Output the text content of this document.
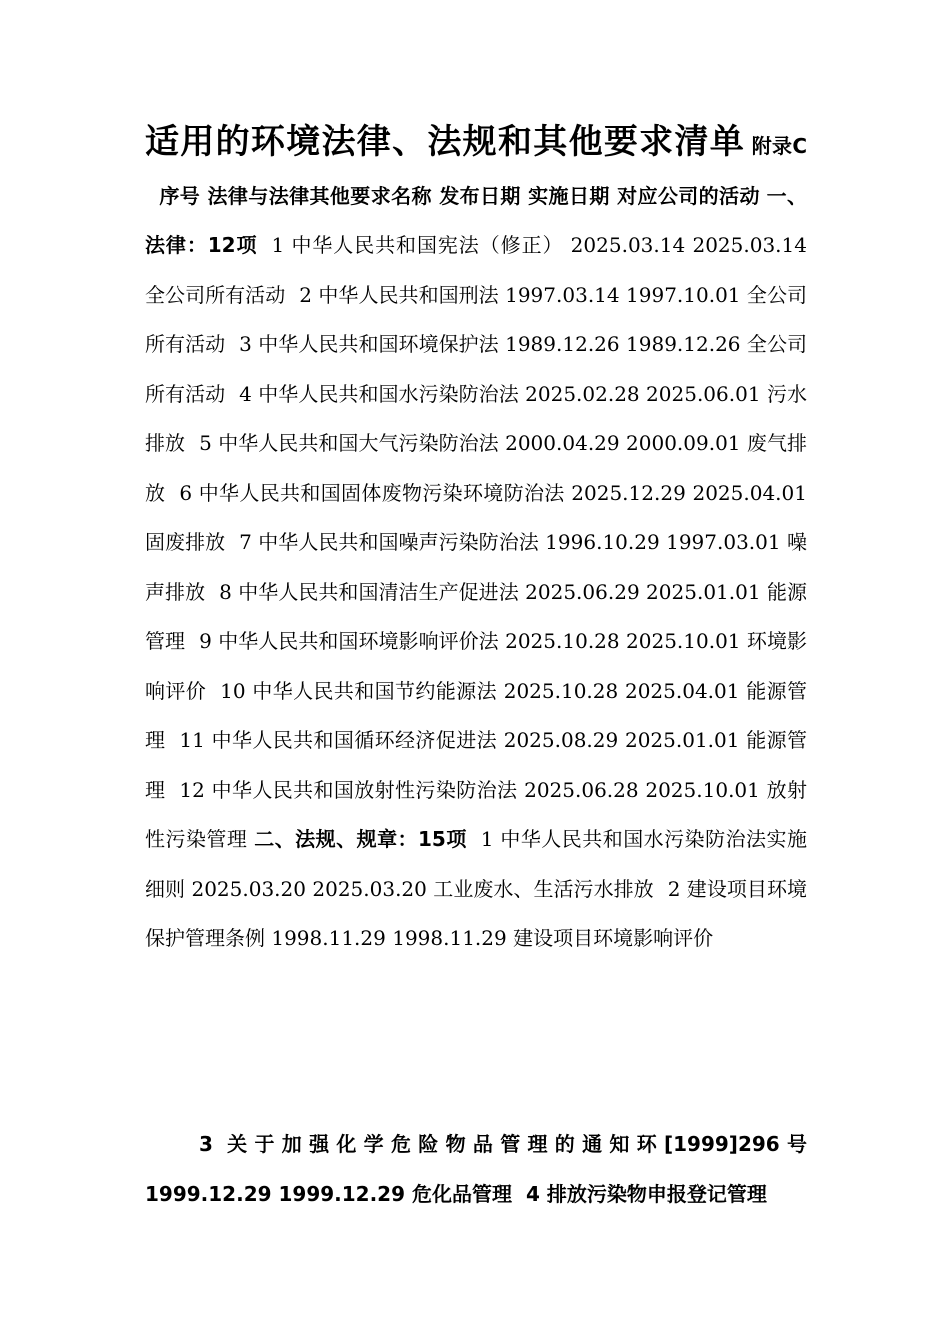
适用的环境法律、法规和其他要求清单 附录C序号 法律与法律其他要求名称 发布日期 实施日期 对应公司的活动 一、法律：12项 1 中华人民共和国宪法（修正） 2025.03.14 2025.03.14 全公司所有活动 2 中华人民共和国刑法 1997.03.14 1997.10.01 全公司所有活动 3 中华人民共和国环境保护法 1989.12.26 1989.12.26 全公司所有活动 4 中华人民共和国水污染防治法 2025.02.28 2025.06.01 污水排放 5 中华人民共和国大气污染防治法 2000.04.29 2000.09.01 废气排放 6 中华人民共和国固体废物污染环境防治法 2025.12.29 2025.04.01 固废排放 7 中华人民共和国噪声污染防治法 1996.10.29 1997.03.01 噪声排放 8 中华人民共和国清洁生产促进法 2025.06.29 2025.01.01 能源管理 9 中华人民共和国环境影响评价法 2025.10.28 2025.10.01 环境影响评价 10 中华人民共和国节约能源法 2025.10.28 2025.04.01 能源管理 11 中华人民共和国循环经济促进法 2025.08.29 2025.01.01 能源管理 12 中华人民共和国放射性污染防治法 2025.06.28 2025.10.01 放射性污染管理 二、法规、规章：15项 1 中华人民共和国水污染防治法实施细则 2025.03.20 2025.03.20 工业废水、生活污水排放 2 建设项目环境保护管理条例 1998.11.29 1998.11.29 建设项目环境影响评价
3 关于加强化学危险物品管理的通知环[1999]296号 1999.12.29 1999.12.29 危化品管理 4 排放污染物申报登记管理
